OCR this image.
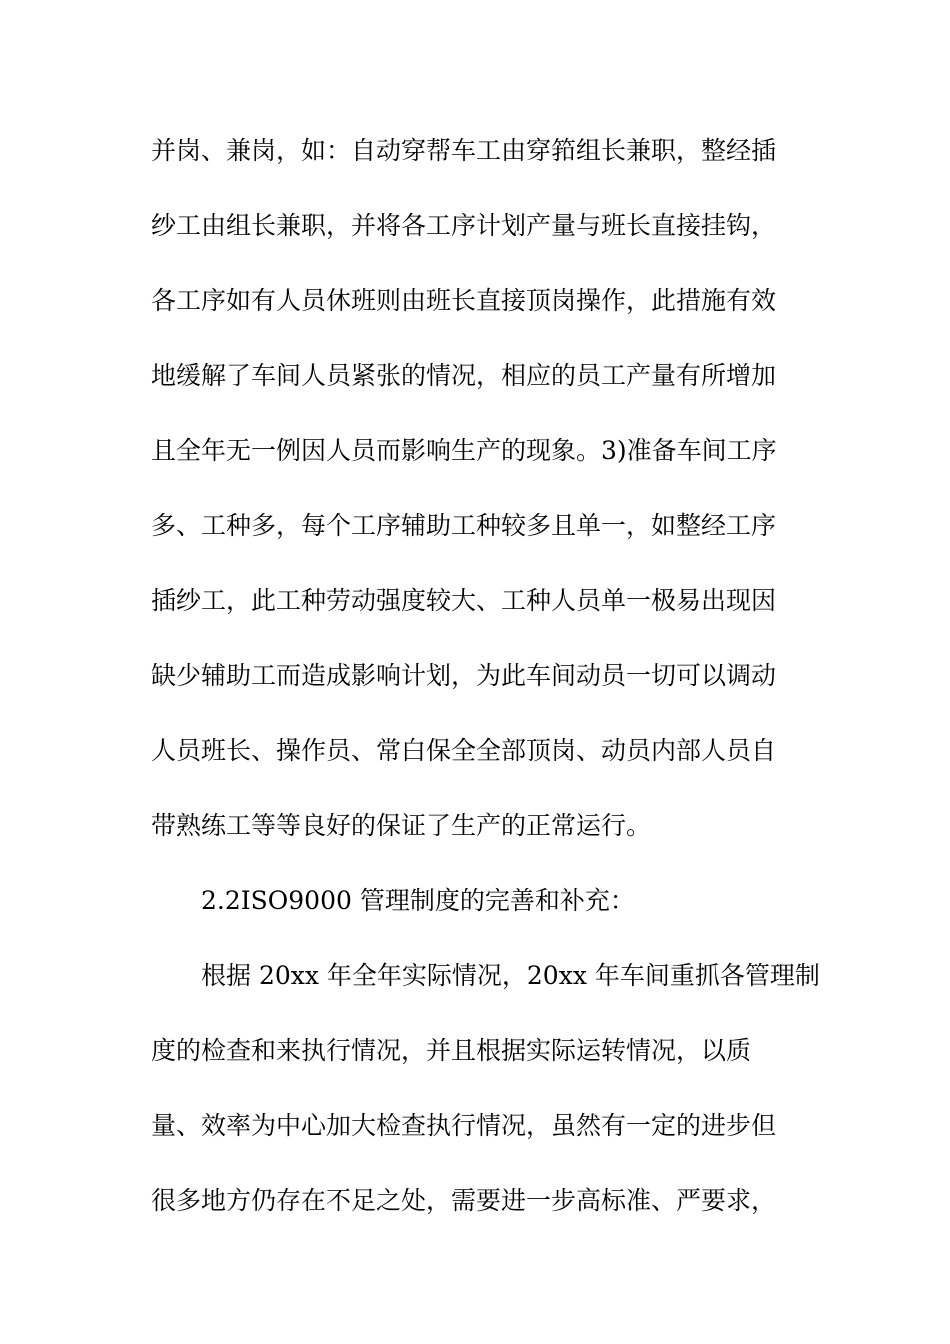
并岗、兼岗，如：自动穿帮车工由穿筘组长兼职，整经插
纱工由组长兼职，并将各工序计划产量与班长直接挂钩，
各工序如有人员休班则由班长直接顶岗操作，此措施有效
地缓解了车间人员紧张的情况，相应的员工产量有所增加
且全年无一例因人员而影响生产的现象。3)准备车间工序
多、工种多，每个工序辅助工种较多且单一，如整经工序
插纱工，此工种劳动强度较大、工种人员单一极易出现因
缺少辅助工而造成影响计划，为此车间动员一切可以调动
人员班长、操作员、常白保全全部顶岗、动员内部人员自
带熟练工等等良好的保证了生产的正常运行。
2.2ISO9000 管理制度的完善和补充：
根据 20xx 年全年实际情况，20xx 年车间重抓各管理制
度的检查和来执行情况，并且根据实际运转情况，以质
量、效率为中心加大检查执行情况，虽然有一定的进步但
很多地方仍存在不足之处，需要进一步高标准、严要求，
